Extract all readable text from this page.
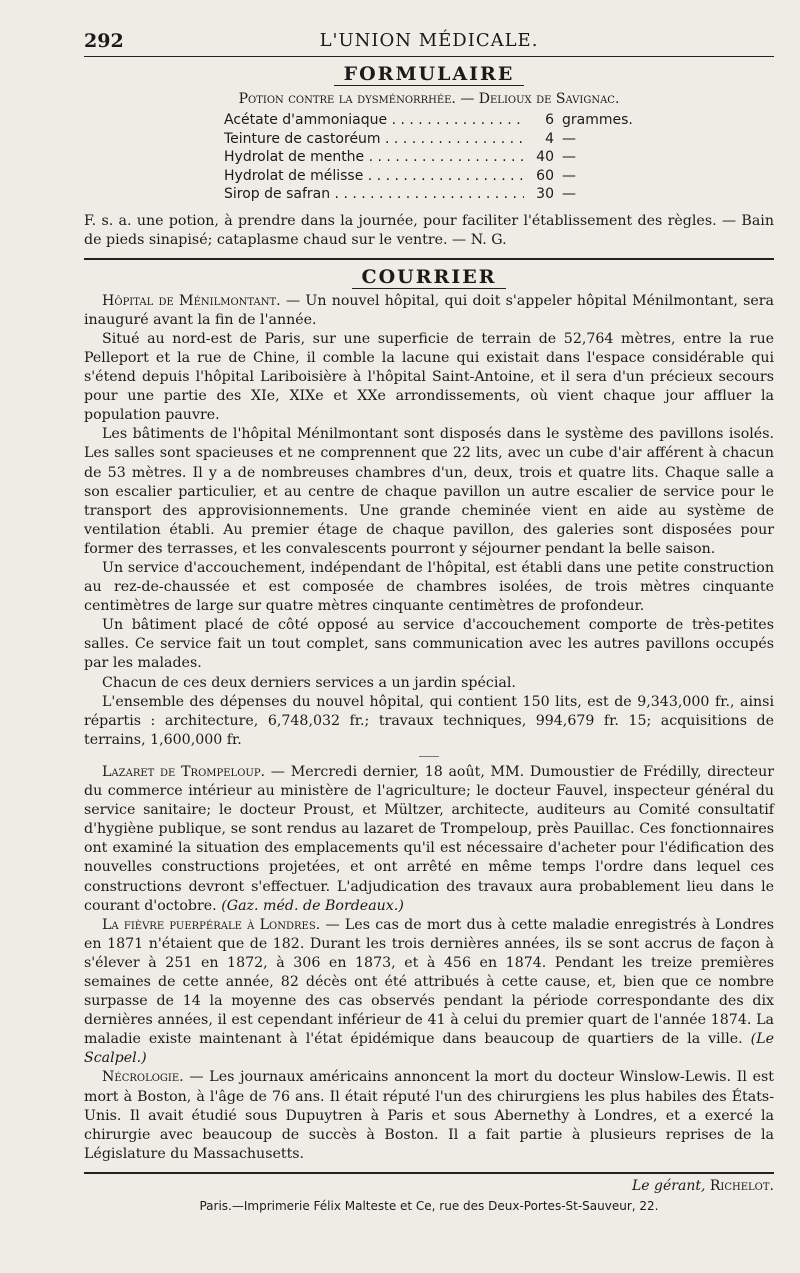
292	L'UNION MÉDICALE.
FORMULAIRE
Potion contre la dysménorrhée. — Delioux de Savignac.
Acétate d'ammoniaque . . .	6 grammes.
Teinture de castoréum . . .	4 —
Hydrolat de menthe . . .	40 —
Hydrolat de mélisse . . .	60 —
Sirop de safran . . .	30 —

F. s. a. une potion, à prendre dans la journée, pour faciliter l'établissement des règles. — Bain de pieds sinapisé; cataplasme chaud sur le ventre. — N. G.

COURRIER

Hôpital de Ménilmontant. — Un nouvel hôpital, qui doit s'appeler hôpital Ménilmontant, sera inauguré avant la fin de l'année.

Situé au nord-est de Paris, sur une superficie de terrain de 52,764 mètres, entre la rue Pelleport et la rue de Chine, il comble la lacune qui existait dans l'espace considérable qui s'étend depuis l'hôpital Lariboisière à l'hôpital Saint-Antoine, et il sera d'un précieux secours pour une partie des XIe, XIXe et XXe arrondissements, où vient chaque jour affluer la population pauvre.

Les bâtiments de l'hôpital Ménilmontant sont disposés dans le système des pavillons isolés. Les salles sont spacieuses et ne comprennent que 22 lits, avec un cube d'air afférent à chacun de 53 mètres. Il y a de nombreuses chambres d'un, deux, trois et quatre lits. Chaque salle a son escalier particulier, et au centre de chaque pavillon un autre escalier de service pour le transport des approvisionnements. Une grande cheminée vient en aide au système de ventilation établi. Au premier étage de chaque pavillon, des galeries sont disposées pour former des terrasses, et les convalescents pourront y séjourner pendant la belle saison.

Un service d'accouchement, indépendant de l'hôpital, est établi dans une petite construction au rez-de-chaussée et est composée de chambres isolées, de trois mètres cinquante centimètres de large sur quatre mètres cinquante centimètres de profondeur.

Un bâtiment placé de côté opposé au service d'accouchement comporte de très-petites salles. Ce service fait un tout complet, sans communication avec les autres pavillons occupés par les malades.

Chacun de ces deux derniers services a un jardin spécial.

L'ensemble des dépenses du nouvel hôpital, qui contient 150 lits, est de 9,343,000 fr., ainsi répartis : architecture, 6,748,032 fr.; travaux techniques, 994,679 fr. 15; acquisitions de terrains, 1,600,000 fr.

Lazaret de Trompeloup. — Mercredi dernier, 18 août, MM. Dumoustier de Frédilly, directeur du commerce intérieur au ministère de l'agriculture; le docteur Fauvel, inspecteur général du service sanitaire; le docteur Proust, et Mültzer, architecte, auditeurs au Comité consultatif d'hygiène publique, se sont rendus au lazaret de Trompeloup, près Pauillac. Ces fonctionnaires ont examiné la situation des emplacements qu'il est nécessaire d'acheter pour l'édification des nouvelles constructions projetées, et ont arrêté en même temps l'ordre dans lequel ces constructions devront s'effectuer. L'adjudication des travaux aura probablement lieu dans le courant d'octobre. (Gaz. méd. de Bordeaux.)

La fièvre puerpérale à Londres. — Les cas de mort dus à cette maladie enregistrés à Londres en 1871 n'étaient que de 182. Durant les trois dernières années, ils se sont accrus de façon à s'élever à 251 en 1872, à 306 en 1873, et à 456 en 1874. Pendant les treize premières semaines de cette année, 82 décès ont été attribués à cette cause, et, bien que ce nombre surpasse de 14 la moyenne des cas observés pendant la période correspondante des dix dernières années, il est cependant inférieur de 41 à celui du premier quart de l'année 1874. La maladie existe maintenant à l'état épidémique dans beaucoup de quartiers de la ville. (Le Scalpel.)

Nécrologie. — Les journaux américains annoncent la mort du docteur Winslow-Lewis. Il est mort à Boston, à l'âge de 76 ans. Il était réputé l'un des chirurgiens les plus habiles des États-Unis. Il avait étudié sous Dupuytren à Paris et sous Abernethy à Londres, et a exercé la chirurgie avec beaucoup de succès à Boston. Il a fait partie à plusieurs reprises de la Législature du Massachusetts.

Le gérant, Richelot.
Paris.—Imprimerie Félix Malteste et Ce, rue des Deux-Portes-St-Sauveur, 22.
